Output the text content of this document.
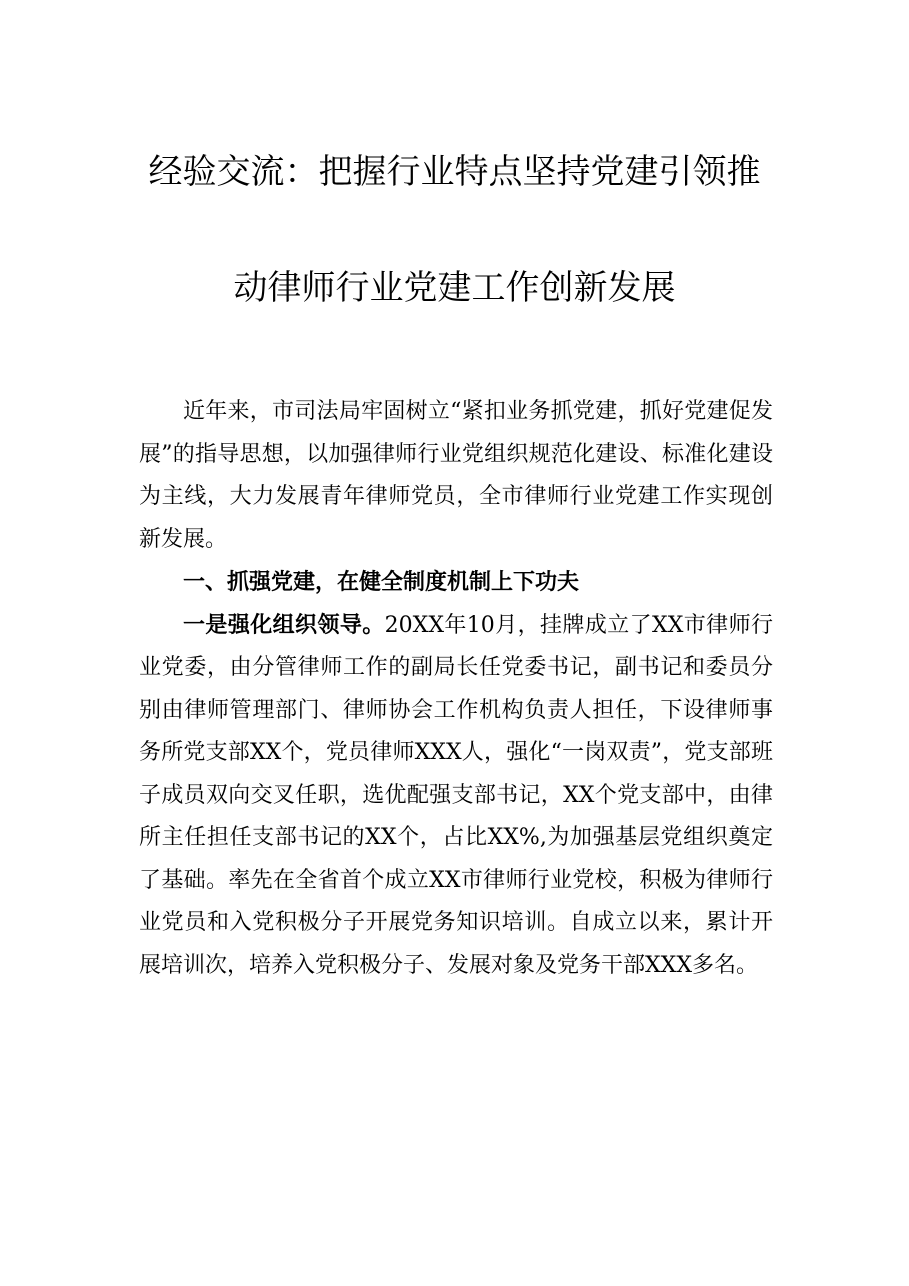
经验交流：把握行业特点坚持党建引领推
动律师行业党建工作创新发展

近年来，市司法局牢固树立“紧扣业务抓党建，抓好党建促发展”的指导思想，以加强律师行业党组织规范化建设、标准化建设为主线，大力发展青年律师党员，全市律师行业党建工作实现创新发展。

一、抓强党建，在健全制度机制上下功夫

一是强化组织领导。20XX年10月，挂牌成立了XX市律师行业党委，由分管律师工作的副局长任党委书记，副书记和委员分别由律师管理部门、律师协会工作机构负责人担任，下设律师事务所党支部XX个，党员律师XXX人，强化“一岗双责”，党支部班子成员双向交叉任职，选优配强支部书记，XX个党支部中，由律所主任担任支部书记的XX个，占比XX%,为加强基层党组织奠定了基础。率先在全省首个成立XX市律师行业党校，积极为律师行业党员和入党积极分子开展党务知识培训。自成立以来，累计开展培训次，培养入党积极分子、发展对象及党务干部XXX多名。
